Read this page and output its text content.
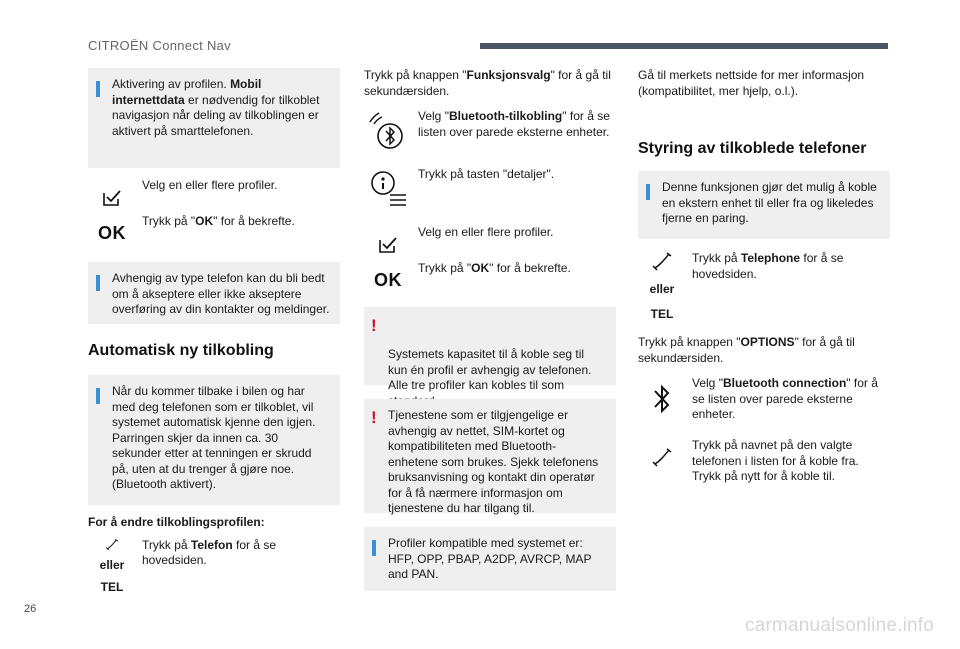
CITROËN Connect Nav
Aktivering av profilen. Mobil internettdata er nødvendig for tilkoblet navigasjon når deling av tilkoblingen er aktivert på smarttelefonen.
Velg en eller flere profiler.
OK
Trykk på "OK" for å bekrefte.
Avhengig av type telefon kan du bli bedt om å akseptere eller ikke akseptere overføring av din kontakter og meldinger.
Automatisk ny tilkobling
Når du kommer tilbake i bilen og har med deg telefonen som er tilkoblet, vil systemet automatisk kjenne den igjen. Parringen skjer da innen ca. 30 sekunder etter at tenningen er skrudd på, uten at du trenger å gjøre noe. (Bluetooth aktivert).
For å endre tilkoblingsprofilen:
eller
TEL
Trykk på Telefon for å se hovedsiden.
Trykk på knappen "Funksjonsvalg" for å gå til sekundærsiden.
Velg "Bluetooth-tilkobling" for å se listen over parede eksterne enheter.
Trykk på tasten "detaljer".
Velg en eller flere profiler.
OK
Trykk på "OK" for å bekrefte.

!

Systemets kapasitet til å koble seg til kun én profil er avhengig av telefonen.
Alle tre profiler kan kobles til som

! Tjenestene som er tilgjengelige er avhengig av nettet, SIM-kortet og kompatibiliteten med Bluetooth-enhetene som brukes. Sjekk telefonens bruksanvisning og kontakt din operatør for å få nærmere informasjon om tjenestene du har tilgang til.
Profiler kompatible med systemet er: HFP, OPP, PBAP, A2DP, AVRCP, MAP and PAN.
Gå til merkets nettside for mer informasjon (kompatibilitet, mer hjelp, o.l.).
Styring av tilkoblede telefoner
Denne funksjonen gjør det mulig å koble en ekstern enhet til eller fra og likeledes fjerne en paring.
eller
TEL
Trykk på Telephone for å se hovedsiden.
Trykk på knappen "OPTIONS" for å gå til sekundærsiden.
Velg "Bluetooth connection" for å se listen over parede eksterne enheter.
Trykk på navnet på den valgte telefonen i listen for å koble fra. Trykk på nytt for å koble til.
26
carmanualsonline.info
